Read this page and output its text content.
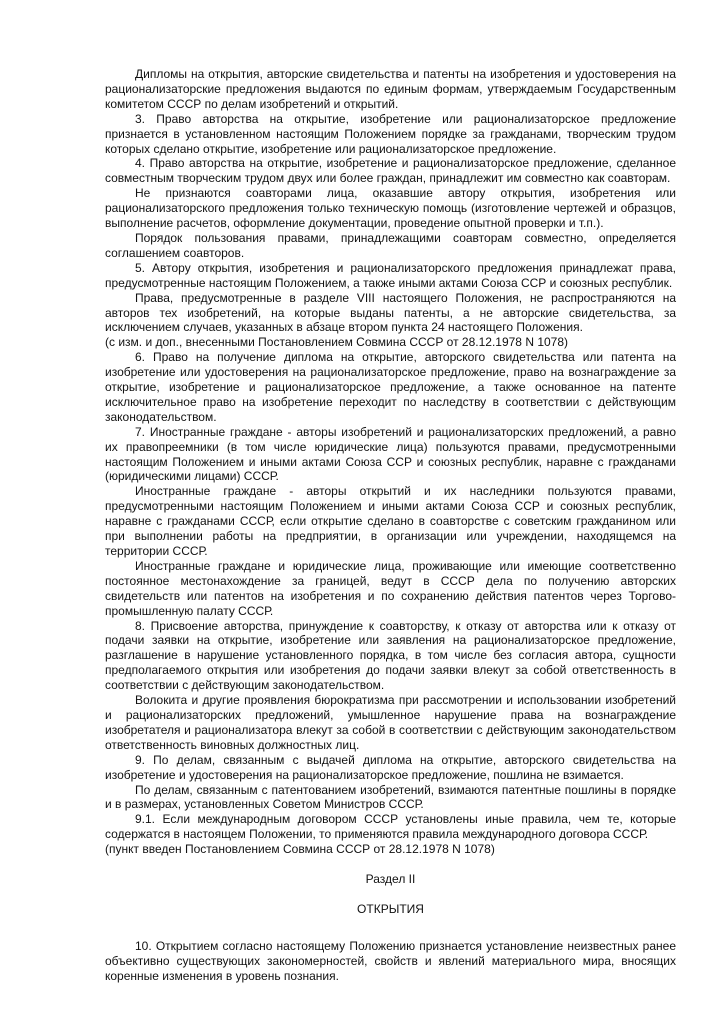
Дипломы на открытия, авторские свидетельства и патенты на изобретения и удостоверения на рационализаторские предложения выдаются по единым формам, утверждаемым Государственным комитетом СССР по делам изобретений и открытий.

3. Право авторства на открытие, изобретение или рационализаторское предложение признается в установленном настоящим Положением порядке за гражданами, творческим трудом которых сделано открытие, изобретение или рационализаторское предложение.

4. Право авторства на открытие, изобретение и рационализаторское предложение, сделанное совместным творческим трудом двух или более граждан, принадлежит им совместно как соавторам.

Не признаются соавторами лица, оказавшие автору открытия, изобретения или рационализаторского предложения только техническую помощь (изготовление чертежей и образцов, выполнение расчетов, оформление документации, проведение опытной проверки и т.п.).

Порядок пользования правами, принадлежащими соавторам совместно, определяется соглашением соавторов.

5. Автору открытия, изобретения и рационализаторского предложения принадлежат права, предусмотренные настоящим Положением, а также иными актами Союза ССР и союзных республик.

Права, предусмотренные в разделе VIII настоящего Положения, не распространяются на авторов тех изобретений, на которые выданы патенты, а не авторские свидетельства, за исключением случаев, указанных в абзаце втором пункта 24 настоящего Положения.

(с изм. и доп., внесенными Постановлением Совмина СССР от 28.12.1978 N 1078)

6. Право на получение диплома на открытие, авторского свидетельства или патента на изобретение или удостоверения на рационализаторское предложение, право на вознаграждение за открытие, изобретение и рационализаторское предложение, а также основанное на патенте исключительное право на изобретение переходит по наследству в соответствии с действующим законодательством.

7. Иностранные граждане - авторы изобретений и рационализаторских предложений, а равно их правопреемники (в том числе юридические лица) пользуются правами, предусмотренными настоящим Положением и иными актами Союза ССР и союзных республик, наравне с гражданами (юридическими лицами) СССР.

Иностранные граждане - авторы открытий и их наследники пользуются правами, предусмотренными настоящим Положением и иными актами Союза ССР и союзных республик, наравне с гражданами СССР, если открытие сделано в соавторстве с советским гражданином или при выполнении работы на предприятии, в организации или учреждении, находящемся на территории СССР.

Иностранные граждане и юридические лица, проживающие или имеющие соответственно постоянное местонахождение за границей, ведут в СССР дела по получению авторских свидетельств или патентов на изобретения и по сохранению действия патентов через Торгово-промышленную палату СССР.

8. Присвоение авторства, принуждение к соавторству, к отказу от авторства или к отказу от подачи заявки на открытие, изобретение или заявления на рационализаторское предложение, разглашение в нарушение установленного порядка, в том числе без согласия автора, сущности предполагаемого открытия или изобретения до подачи заявки влекут за собой ответственность в соответствии с действующим законодательством.

Волокита и другие проявления бюрократизма при рассмотрении и использовании изобретений и рационализаторских предложений, умышленное нарушение права на вознаграждение изобретателя и рационализатора влекут за собой в соответствии с действующим законодательством ответственность виновных должностных лиц.

9. По делам, связанным с выдачей диплома на открытие, авторского свидетельства на изобретение и удостоверения на рационализаторское предложение, пошлина не взимается.

По делам, связанным с патентованием изобретений, взимаются патентные пошлины в порядке и в размерах, установленных Советом Министров СССР.

9.1. Если международным договором СССР установлены иные правила, чем те, которые содержатся в настоящем Положении, то применяются правила международного договора СССР.

(пункт введен Постановлением Совмина СССР от 28.12.1978 N 1078)

Раздел II

ОТКРЫТИЯ

10. Открытием согласно настоящему Положению признается установление неизвестных ранее объективно существующих закономерностей, свойств и явлений материального мира, вносящих коренные изменения в уровень познания.
